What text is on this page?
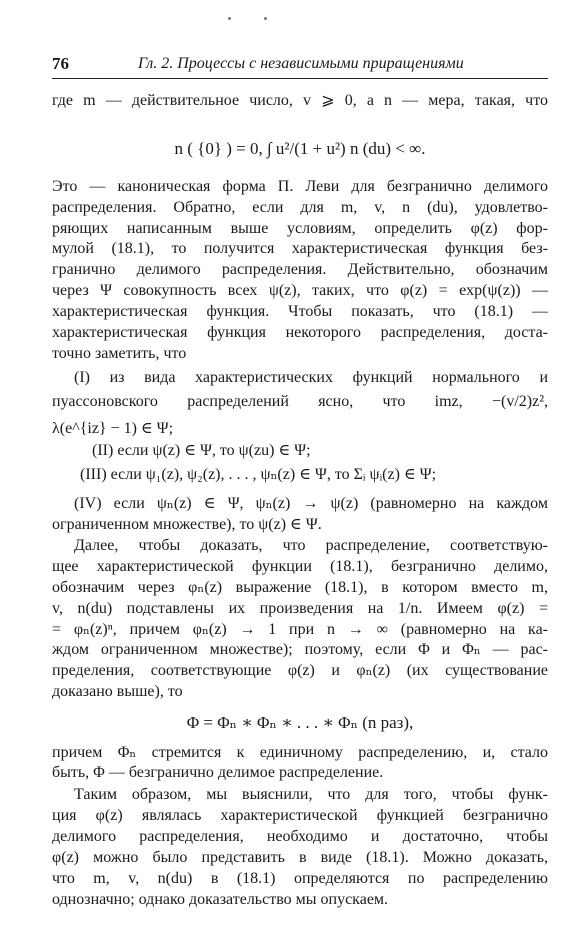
76	Гл. 2. Процессы с независимыми приращениями
где m — действительное число, v ⩾ 0, а n — мера, такая, что
n ( {0} ) = 0, ∫ u²/(1 + u²) n (du) < ∞.
Это — каноническая форма П. Леви для безгранично делимого
распределения. Обратно, если для m, v, n (du), удовлетво-
ряющих написанным выше условиям, определить φ(z) фор-
мулой (18.1), то получится характеристическая функция без-
гранично делимого распределения. Действительно, обозначим
через Ψ совокупность всех ψ(z), таких, что φ(z) = exp(ψ(z)) —
характеристическая функция. Чтобы показать, что (18.1) —
характеристическая функция некоторого распределения, доста-
точно заметить, что
(I) из вида характеристических функций нормального и
пуассоновского распределений ясно, что imz, −(v/2)z²,
λ(e^{iz} − 1) ∈ Ψ;
(II) если ψ(z) ∈ Ψ, то ψ(zu) ∈ Ψ;
(III) если ψ₁(z), ψ₂(z), . . . , ψₙ(z) ∈ Ψ, то Σᵢ ψᵢ(z) ∈ Ψ;
(IV) если ψₙ(z) ∈ Ψ, ψₙ(z) → ψ(z) (равномерно на каждом
ограниченном множестве), то ψ(z) ∈ Ψ.
Далее, чтобы доказать, что распределение, соответствую-
щее характеристической функции (18.1), безгранично делимо,
обозначим через φₙ(z) выражение (18.1), в котором вместо m,
v, n(du) подставлены их произведения на 1/n. Имеем φ(z) =
= φₙ(z)ⁿ, причем φₙ(z) → 1 при n → ∞ (равномерно на ка-
ждом ограниченном множестве); поэтому, если Φ и Φₙ — рас-
пределения, соответствующие φ(z) и φₙ(z) (их существование
доказано выше), то
Φ = Φₙ ∗ Φₙ ∗ . . . ∗ Φₙ (n раз),
причем Φₙ стремится к единичному распределению, и, стало
быть, Φ — безгранично делимое распределение.
Таким образом, мы выяснили, что для того, чтобы функ-
ция φ(z) являлась характеристической функцией безгранично
делимого распределения, необходимо и достаточно, чтобы
φ(z) можно было представить в виде (18.1). Можно доказать,
что m, v, n(du) в (18.1) определяются по распределению
однозначно; однако доказательство мы опускаем.
